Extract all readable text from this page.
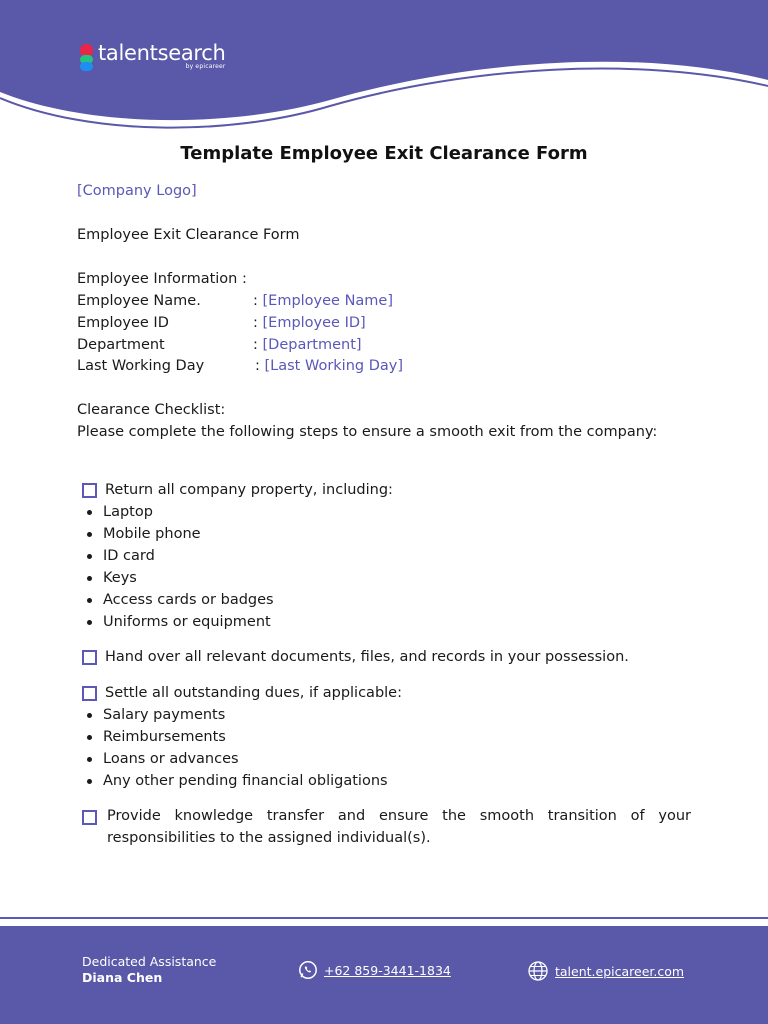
talentsearch
by epicareer
Template Employee Exit Clearance Form
[Company Logo]
Employee Exit Clearance Form
Employee Information :
Employee Name.	: [Employee Name]
Employee ID	: [Employee ID]
Department	: [Department]
Last Working Day	: [Last Working Day]
Clearance Checklist:
Please complete the following steps to ensure a smooth exit from the company:
Return all company property, including:
Laptop
Mobile phone
ID card
Keys
Access cards or badges
Uniforms or equipment
Hand over all relevant documents, files, and records in your possession.
Settle all outstanding dues, if applicable:
Salary payments
Reimbursements
Loans or advances
Any other pending financial obligations
Provide knowledge transfer and ensure the smooth transition of your responsibilities to the assigned individual(s).
Dedicated Assistance
Diana Chen	+62 859-3441-1834	talent.epicareer.com
